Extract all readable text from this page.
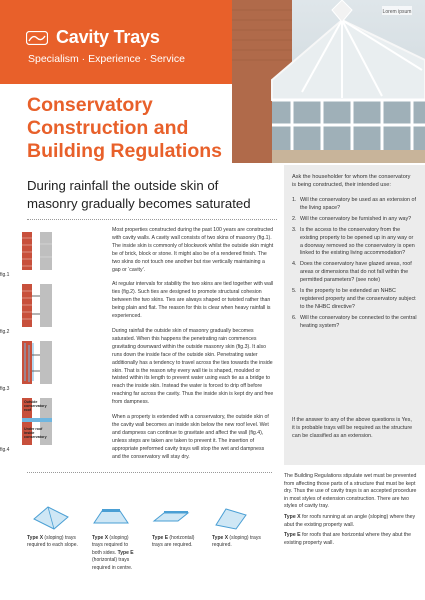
Cavity Trays
Specialism · Experience · Service
Lorem ipsum
Conservatory
Construction and
Building Regulations
During rainfall the outside skin of
masonry gradually becomes saturated
fig.1
fig.2
fig.3
Outside conservatory roof
Under roof inside conservatory
fig.4

Most properties constructed during the past 100 years are constructed with cavity walls. A cavity wall consists of two skins of masonry (fig.1). The inside skin is commonly of blockwork whilst the outside skin might be of brick, block or stone. It might also be of a rendered finish. The two skins do not touch one another but rise vertically maintaining a gap or ‘cavity’.

At regular intervals for stability the two skins are tied together with wall ties (fig.2). Such ties are designed to promote structural cohesion between the two skins. Ties are always shaped or twisted rather than being plain and flat. The reason for this is clear when heavy rainfall is experienced.

During rainfall the outside skin of masonry gradually becomes saturated. When this happens the penetrating rain commences gravitating downward within the outside masonry skin (fig.3). It also runs down the inside face of the outside skin. Penetrating water additionally has a tendency to travel across the ties towards the inside skin. That is the reason why every wall tie is shaped, moulded or twisted within its length to prevent water using each tie as a bridge to reach the inside skin. Instead the water is forced to drip off before reaching far across the cavity. Thus the inside skin is kept dry and free from dampness.

When a property is extended with a conservatory, the outside skin of the cavity wall becomes an inside skin below the new roof level. Wet and dampness can continue to gravitate and affect the wall (fig.4), unless steps are taken are taken to prevent it. The insertion of appropriate preformed cavity trays will stop the wet and dampness and the conservatory will stay dry.

Ask the householder for whom the conservatory is being constructed, their intended use:
1. Will the conservatory be used as an extension of the living space?
2. Will the conservatory be furnished in any way?
3. Is the access to the conservatory from the existing property to be opened up in any way or a doorway removed so the conservatory is open linked to the existing living accommodation?
4. Does the conservatory have glazed areas, roof areas or dimensions that do not fall within the permitted parameters? (see note)
5. Is the property to be extended an NHBC registered property and the conservatory subject to the NHBC directive?
6. Will the conservatory be connected to the central heating system?
If the answer to any of the above questions is Yes, it is probable trays will be required as the structure can be classified as an extension.
Type X (sloping) trays required to each slope.
Type X (sloping) trays required to both sides. Type E (horizontal) trays required in centre.
Type E (horizontal) trays are required.
Type X (sloping) trays required.

The Building Regulations stipulate wet must be prevented from affecting those parts of a structure that must be kept dry. Thus the use of cavity trays is an accepted procedure in most styles of extension construction. There are two styles of cavity tray.

Type X for roofs running at an angle (sloping) where they abut the existing property wall.

Type E for roofs that are horizontal where they abut the existing property wall.
